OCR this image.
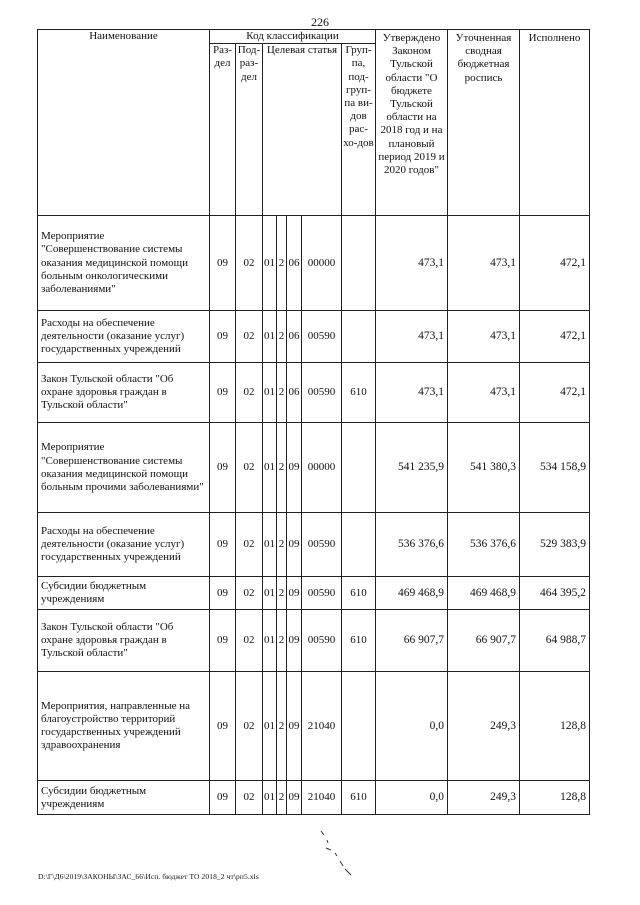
226
Наименование	Код классификации							Утверждено Законом Тульской области "О бюджете Тульской области на 2018 год и на плановый период 2019 и 2020 годов"	Уточненная сводная бюджетная роспись	Исполнено
	Раз-дел	Под-раз-дел	Целевая статья				Груп-па, под-груп-па ви-дов рас-хо-дов			
Мероприятие "Совершенствование системы оказания медицинской помощи больным онкологическими заболеваниями"	09	02	01	2	06	00000		473,1	473,1	472,1
Расходы на обеспечение деятельности (оказание услуг) государственных учреждений	09	02	01	2	06	00590		473,1	473,1	472,1
Закон Тульской области "Об охране здоровья граждан в Тульской области"	09	02	01	2	06	00590	610	473,1	473,1	472,1
Мероприятие "Совершенствование системы оказания медицинской помощи больным прочими заболеваниями"	09	02	01	2	09	00000		541 235,9	541 380,3	534 158,9
Расходы на обеспечение деятельности (оказание услуг) государственных учреждений	09	02	01	2	09	00590		536 376,6	536 376,6	529 383,9
Субсидии бюджетным учреждениям	09	02	01	2	09	00590	610	469 468,9	469 468,9	464 395,2
Закон Тульской области "Об охране здоровья граждан в Тульской области"	09	02	01	2	09	00590	610	66 907,7	66 907,7	64 988,7
Мероприятия, направленные на благоустройство территорий государственных учреждений здравоохранения	09	02	01	2	09	21040		0,0	249,3	128,8
Субсидии бюджетным учреждениям	09	02	01	2	09	21040	610	0,0	249,3	128,8
D:\Г\Д6\2019\ЗАКОНЫ\ЗАС_66\Исп. бюджет ТО 2018_2 чт\рп5.xls
